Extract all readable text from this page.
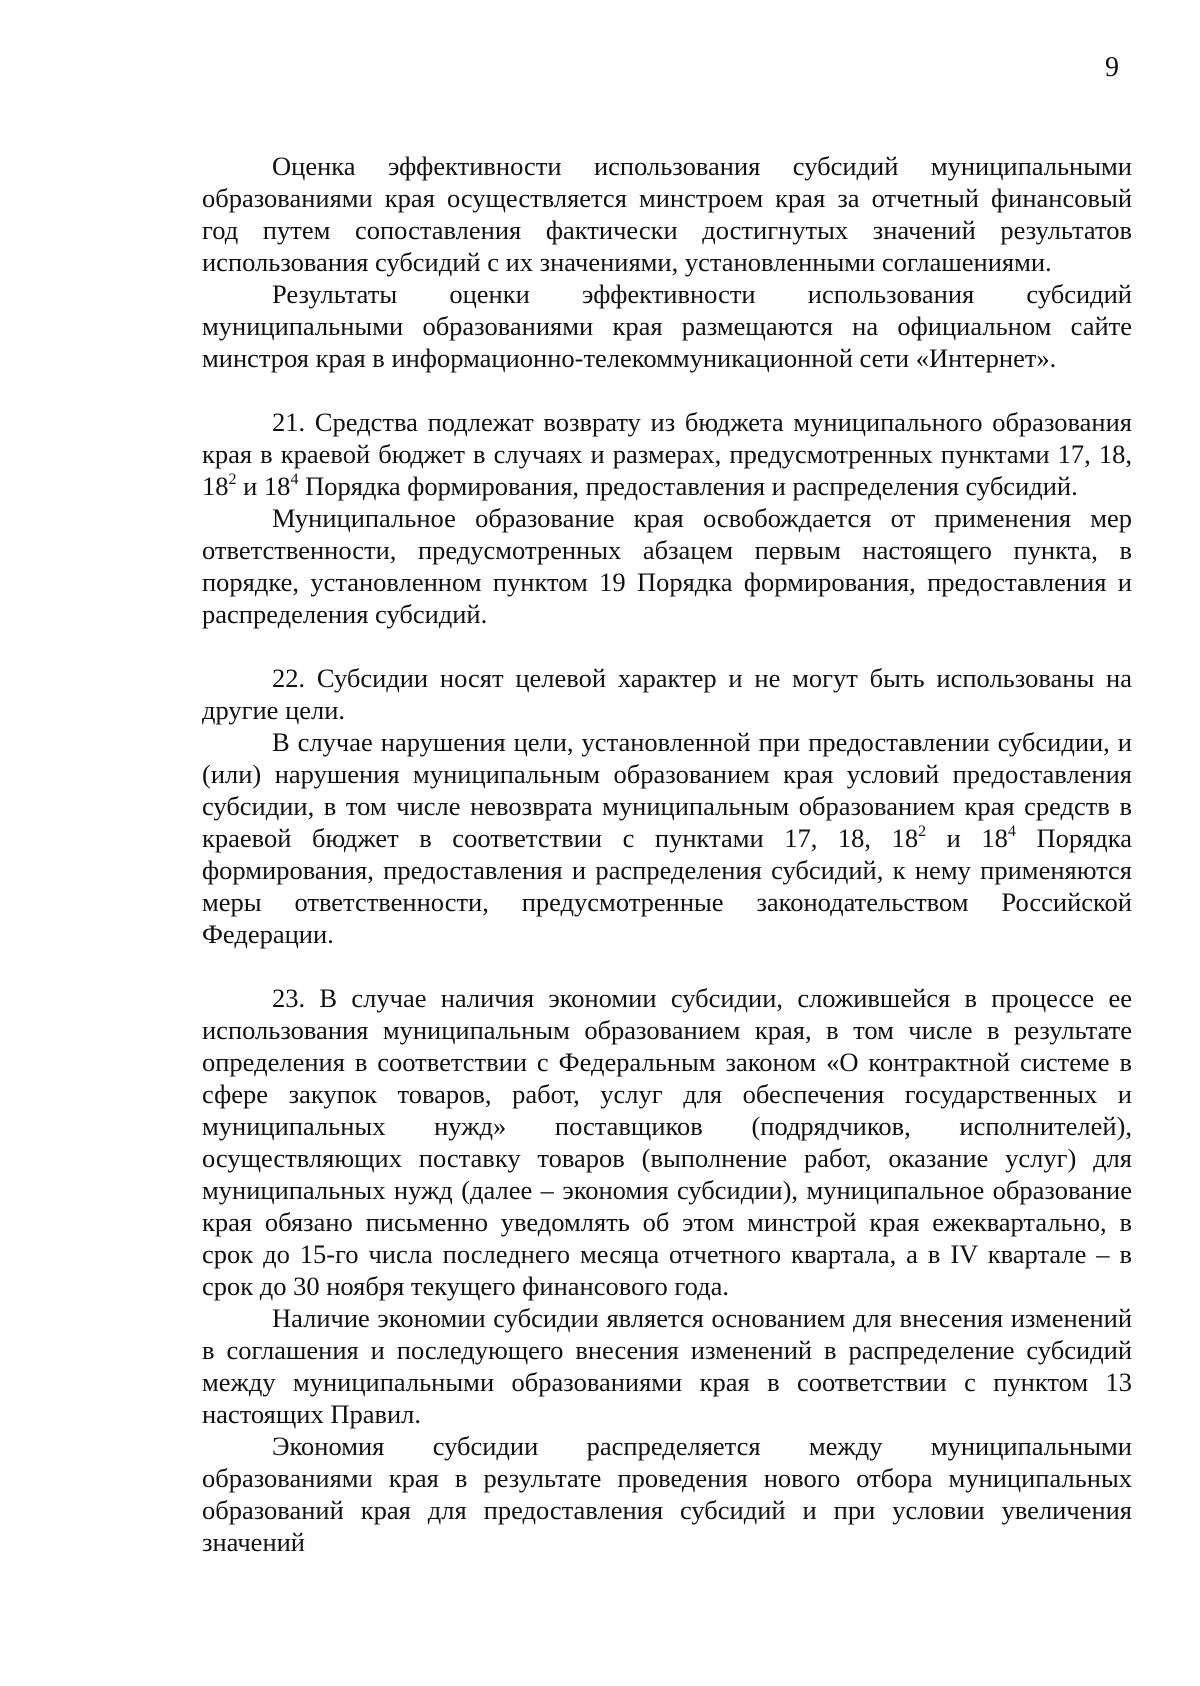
9

Оценка эффективности использования субсидий муниципальными образованиями края осуществляется минстроем края за отчетный финансовый год путем сопоставления фактически достигнутых значений результатов использования субсидий с их значениями, установленными соглашениями.

Результаты оценки эффективности использования субсидий муниципальными образованиями края размещаются на официальном сайте минстроя края в информационно-телекоммуникационной сети «Интернет».

21. Средства подлежат возврату из бюджета муниципального образования края в краевой бюджет в случаях и размерах, предусмотренных пунктами 17, 18, $18^2$ и $18^4$ Порядка формирования, предоставления и распределения субсидий.

Муниципальное образование края освобождается от применения мер ответственности, предусмотренных абзацем первым настоящего пункта, в порядке, установленном пунктом 19 Порядка формирования, предоставления и распределения субсидий.

22. Субсидии носят целевой характер и не могут быть использованы на другие цели.

В случае нарушения цели, установленной при предоставлении субсидии, и (или) нарушения муниципальным образованием края условий предоставления субсидии, в том числе невозврата муниципальным образованием края средств в краевой бюджет в соответствии с пунктами 17, 18, $18^2$ и $18^4$ Порядка формирования, предоставления и распределения субсидий, к нему применяются меры ответственности, предусмотренные законодательством Российской Федерации.

23. В случае наличия экономии субсидии, сложившейся в процессе ее использования муниципальным образованием края, в том числе в результате определения в соответствии с Федеральным законом «О контрактной системе в сфере закупок товаров, работ, услуг для обеспечения государственных и муниципальных нужд» поставщиков (подрядчиков, исполнителей), осуществляющих поставку товаров (выполнение работ, оказание услуг) для муниципальных нужд (далее – экономия субсидии), муниципальное образование края обязано письменно уведомлять об этом минстрой края ежеквартально, в срок до 15-го числа последнего месяца отчетного квартала, а в IV квартале – в срок до 30 ноября текущего финансового года.

Наличие экономии субсидии является основанием для внесения изменений в соглашения и последующего внесения изменений в распределение субсидий между муниципальными образованиями края в соответствии с пунктом 13 настоящих Правил.

Экономия субсидии распределяется между муниципальными образованиями края в результате проведения нового отбора муниципальных образований края для предоставления субсидий и при условии увеличения значений
